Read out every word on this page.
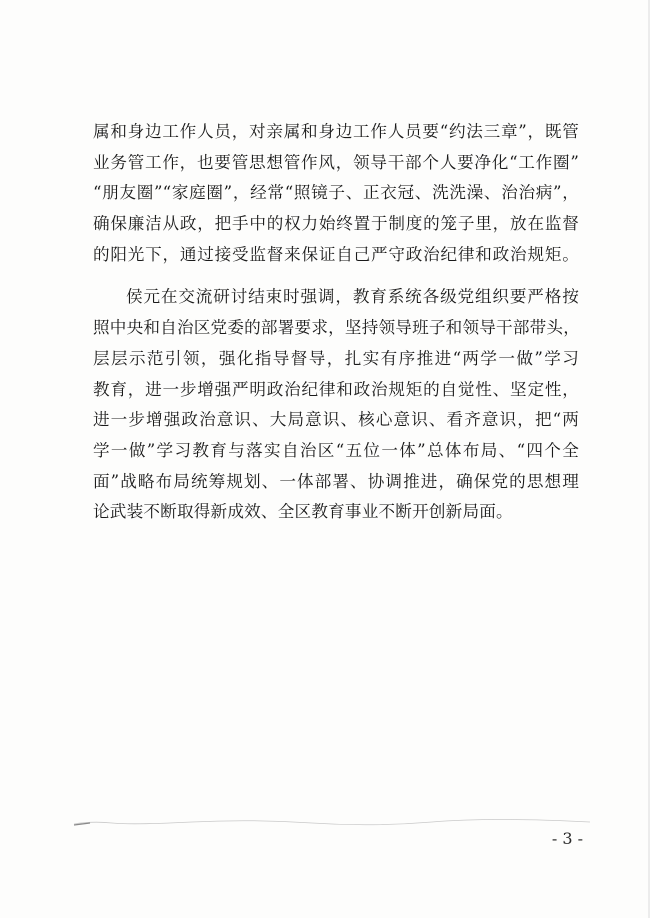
属和身边工作人员，对亲属和身边工作人员要“约法三章”，既管
业务管工作，也要管思想管作风，领导干部个人要净化“工作圈”
“朋友圈”“家庭圈”，经常“照镜子、正衣冠、洗洗澡、治治病”，
确保廉洁从政，把手中的权力始终置于制度的笼子里，放在监督
的阳光下，通过接受监督来保证自己严守政治纪律和政治规矩。
侯元在交流研讨结束时强调，教育系统各级党组织要严格按
照中央和自治区党委的部署要求，坚持领导班子和领导干部带头，
层层示范引领，强化指导督导，扎实有序推进“两学一做”学习
教育，进一步增强严明政治纪律和政治规矩的自觉性、坚定性，
进一步增强政治意识、大局意识、核心意识、看齐意识，把“两
学一做”学习教育与落实自治区“五位一体”总体布局、“四个全
面”战略布局统筹规划、一体部署、协调推进，确保党的思想理
论武装不断取得新成效、全区教育事业不断开创新局面。
- 3 -
